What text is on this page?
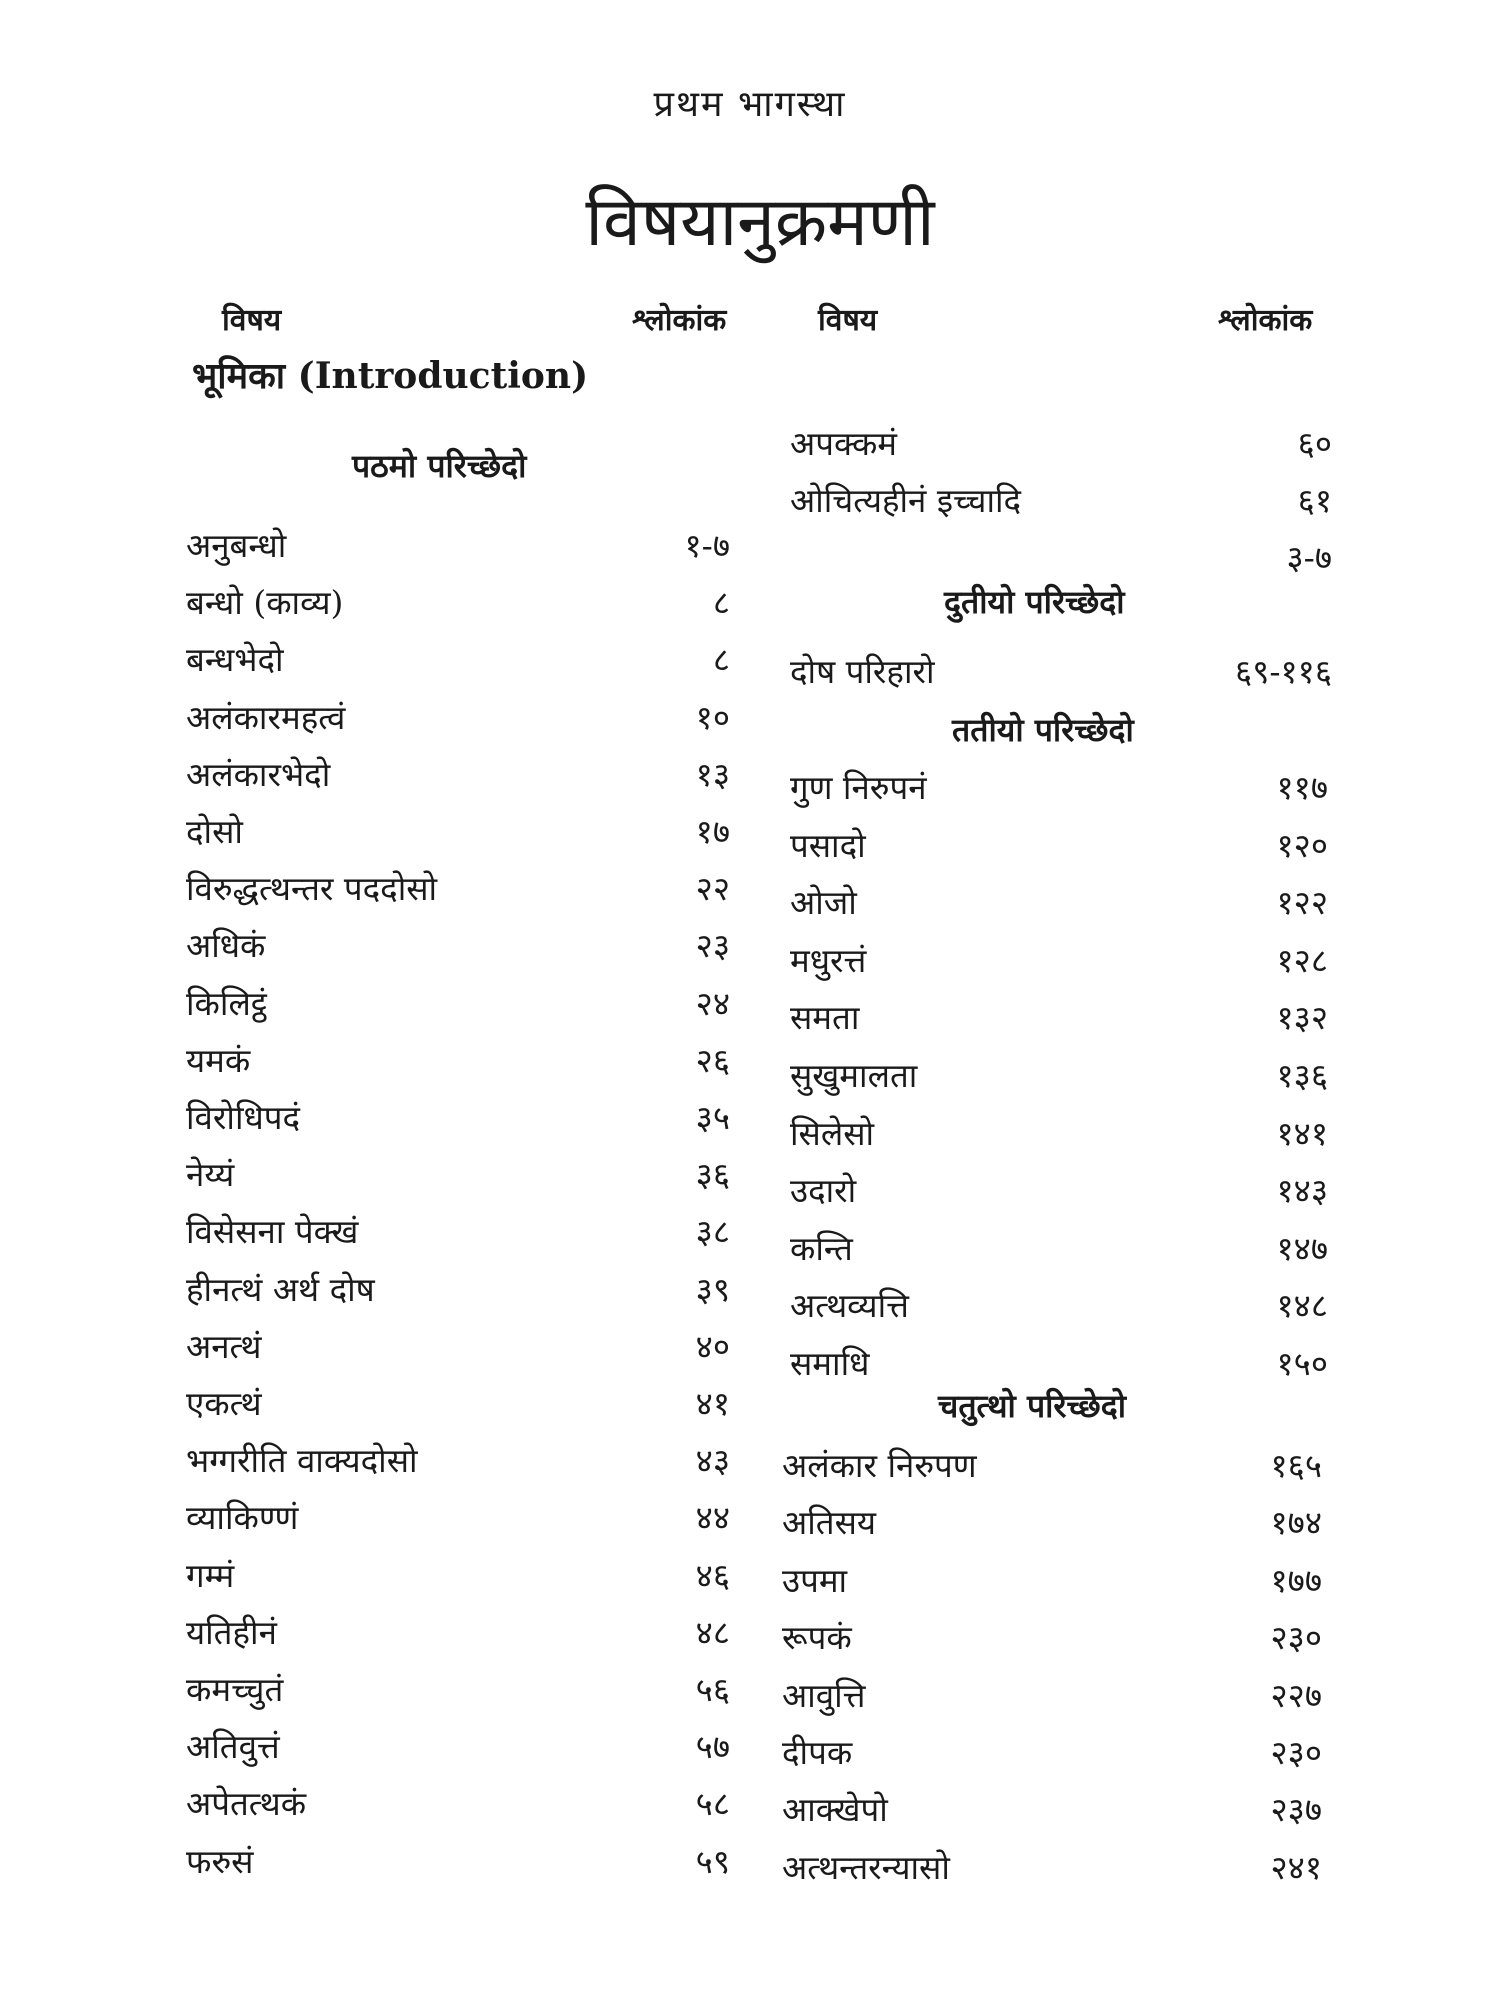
प्रथम भागस्था
विषयानुक्रमणी
विषय	श्लोकांक	विषय	श्लोकांक
भूमिका (Introduction)
पठमो परिच्छेदो
दुतीयो परिच्छेदो
ततीयो परिच्छेदो
चतुत्थो परिच्छेदो
अनुबन्धो	१-७
बन्धो (काव्य)	८
बन्धभेदो	८
अलंकारमहत्वं	१०
अलंकारभेदो	१३
दोसो	१७
विरुद्धत्थन्तर पददोसो	२२
अधिकं	२३
किलिट्ठं	२४
यमकं	२६
विरोधिपदं	३५
नेय्यं	३६
विसेसना पेक्खं	३८
हीनत्थं अर्थ दोष	३९
अनत्थं	४०
एकत्थं	४१
भग्गरीति वाक्यदोसो	४३
व्याकिण्णं	४४
गम्मं	४६
यतिहीनं	४८
कमच्चुतं	५६
अतिवुत्तं	५७
अपेतत्थकं	५८
फरुसं	५९
अपक्कमं	६०
ओचित्यहीनं इच्चादि	६१
३-७
दोष परिहारो	६९-११६
गुण निरुपनं	११७
पसादो	१२०
ओजो	१२२
मधुरत्तं	१२८
समता	१३२
सुखुमालता	१३६
सिलेसो	१४१
उदारो	१४३
कन्ति	१४७
अत्थव्यत्ति	१४८
समाधि	१५०
अलंकार निरुपण	१६५
अतिसय	१७४
उपमा	१७७
रूपकं	२३०
आवुत्ति	२२७
दीपक	२३०
आक्खेपो	२३७
अत्थन्तरन्यासो	२४१
